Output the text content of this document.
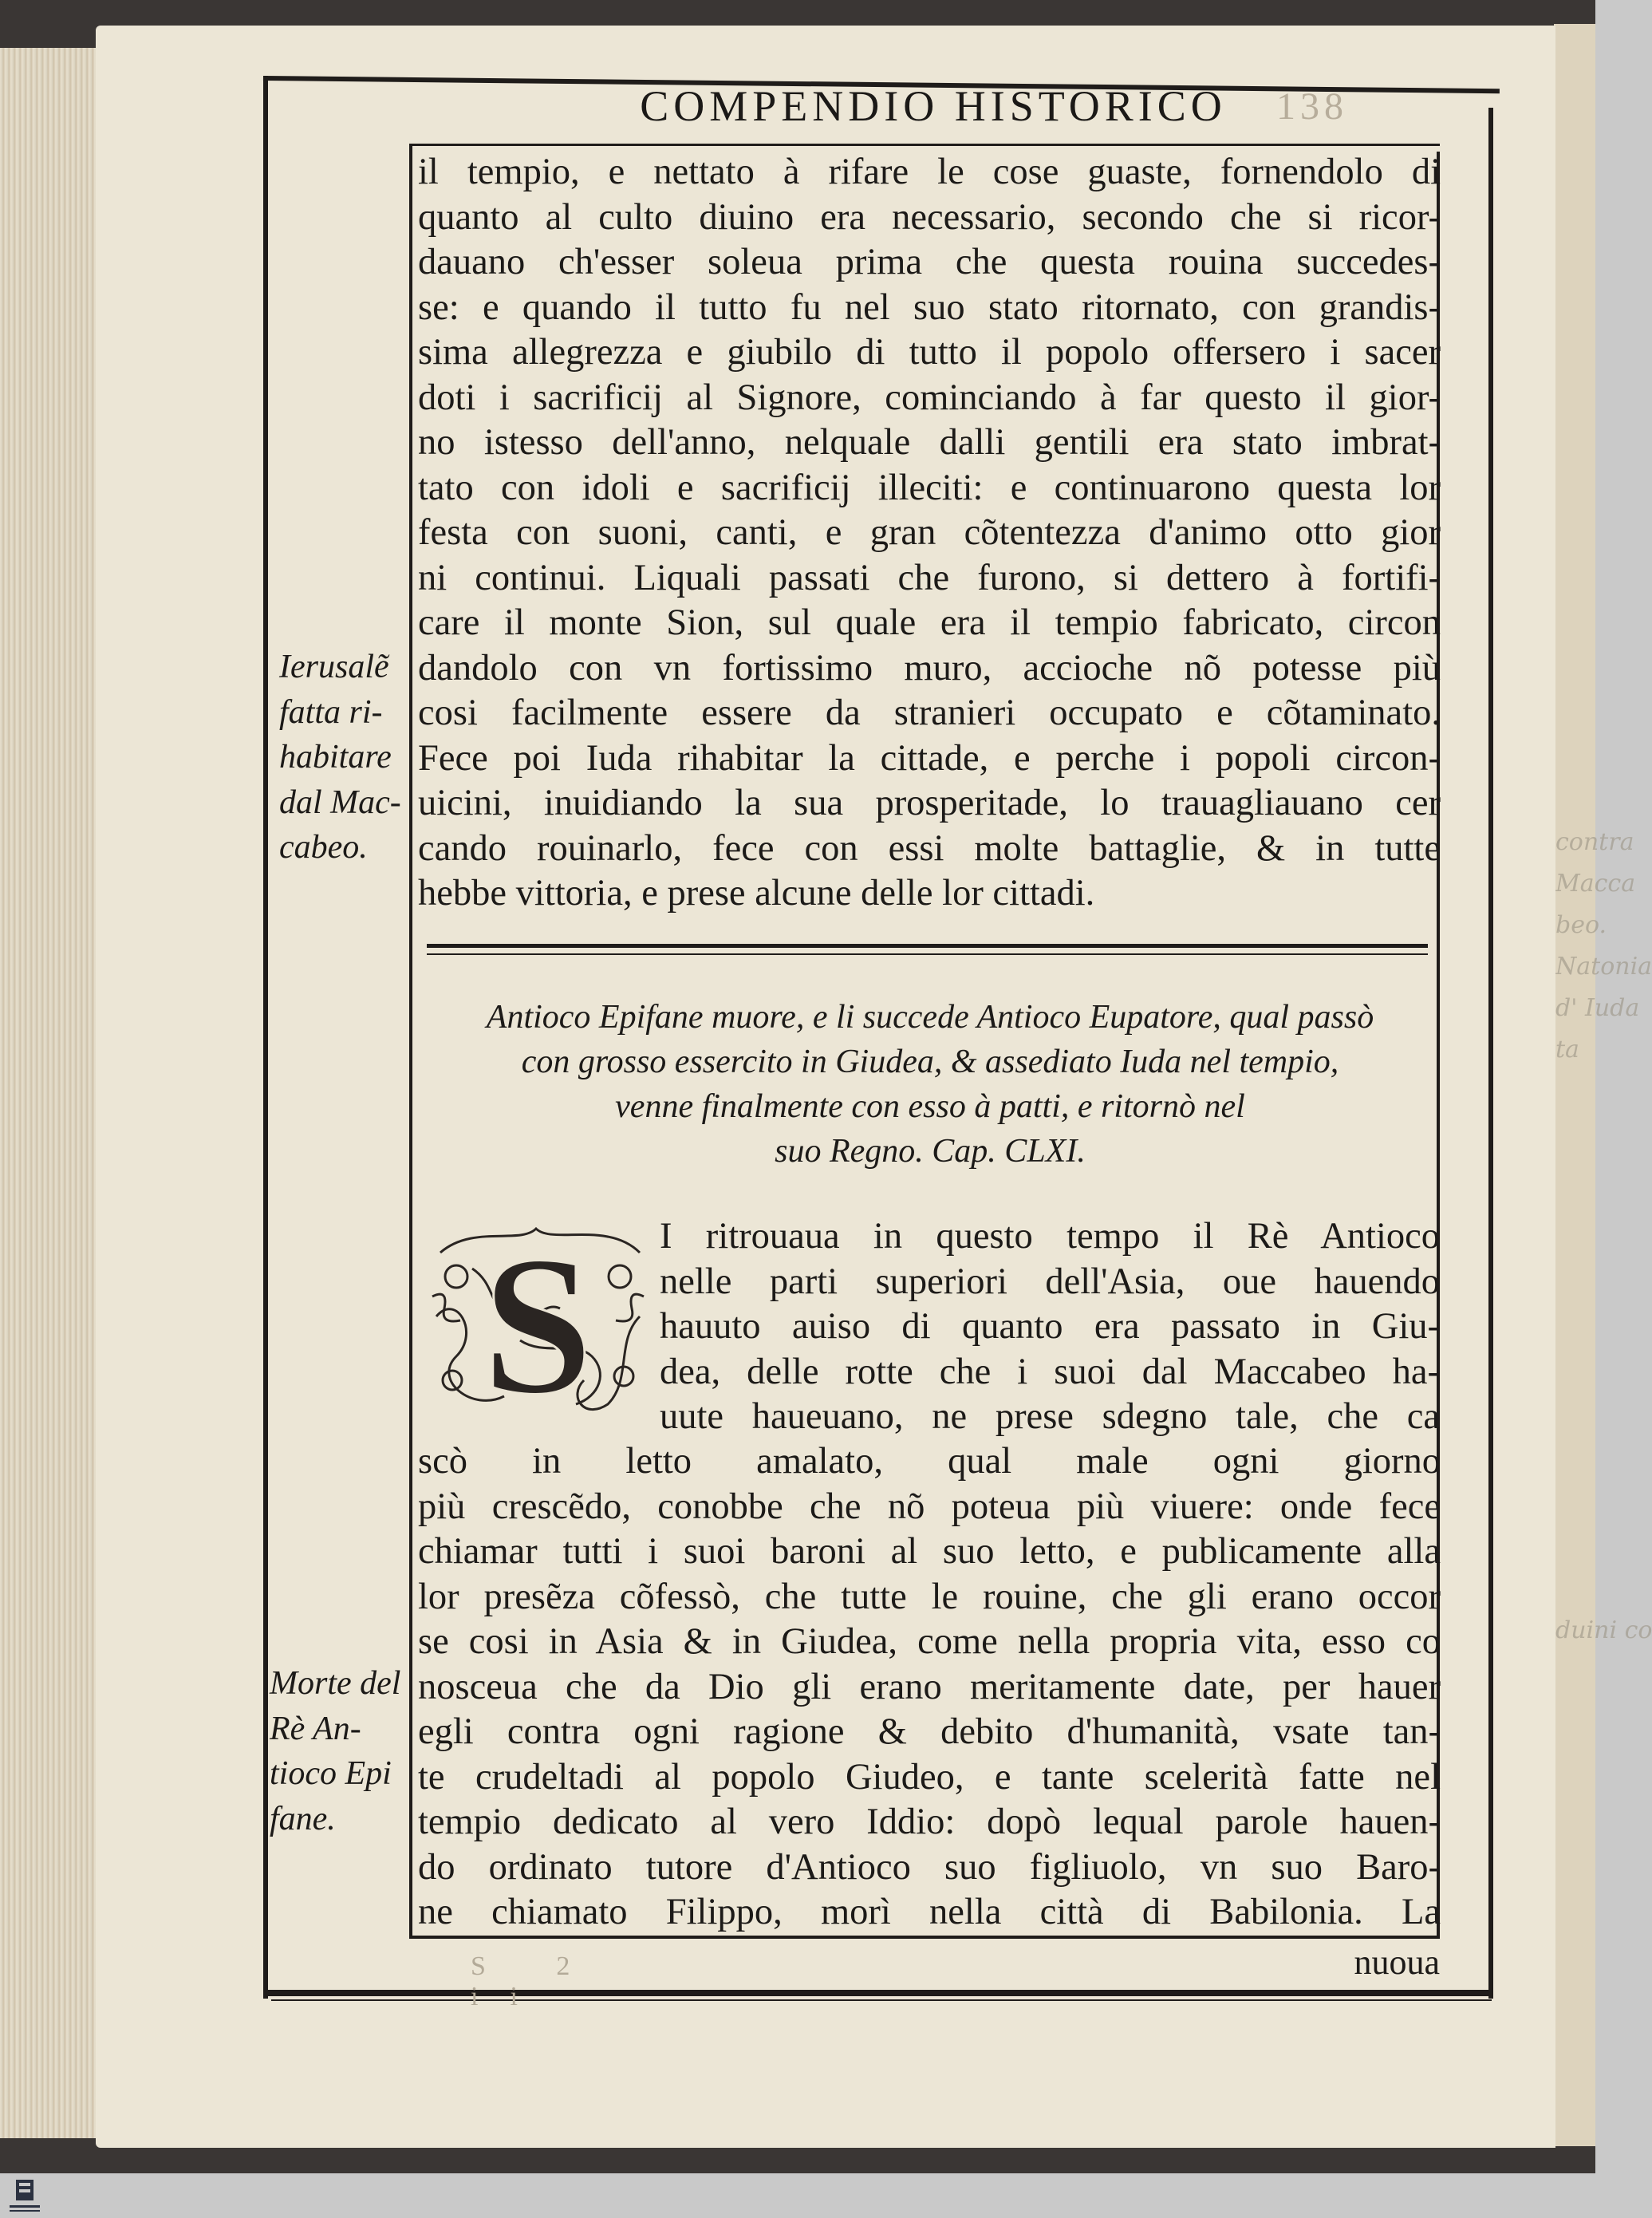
contra
Macca
beo.
Natonia
d' Iuda
ta

duini co
138
COMPENDIO HISTORICO
il tempio, e nettato à rifare le cose guaste, fornendolo di
quanto al culto diuino era necessario, secondo che si ricor-
dauano ch'esser soleua prima che questa rouina succedes-
se: e quando il tutto fu nel suo stato ritornato, con grandis-
sima allegrezza e giubilo di tutto il popolo offersero i sacer
doti i sacrificij al Signore, cominciando à far questo il gior-
no istesso dell'anno, nelquale dalli gentili era stato imbrat-
tato con idoli e sacrificij illeciti: e continuarono questa lor
festa con suoni, canti, e gran cõtentezza d'animo otto gior
ni continui. Liquali passati che furono, si dettero à fortifi-
care il monte Sion, sul quale era il tempio fabricato, circon
dandolo con vn fortissimo muro, accioche nõ potesse più
cosi facilmente essere da stranieri occupato e cõtaminato.
Fece poi Iuda rihabitar la cittade, e perche i popoli circon-
uicini, inuidiando la sua prosperitade, lo trauagliauano cer
cando rouinarlo, fece con essi molte battaglie, & in tutte
hebbe vittoria, e prese alcune delle lor cittadi.
Ierusalẽ
fatta ri-
habitare
dal Mac-
cabeo.
Antioco Epifane muore, e li succede Antioco Eupatore, qual passò
con grosso essercito in Giudea, & assediato Iuda nel tempio,
venne finalmente con esso à patti, e ritornò nel
suo Regno. Cap. CLXI.
S I ritrouaua in questo tempo il Rè Antioco
nelle parti superiori dell'Asia, oue hauendo
hauuto auiso di quanto era passato in Giu-
dea, delle rotte che i suoi dal Maccabeo ha-
uute haueuano, ne prese sdegno tale, che ca
scò in letto amalato, qual male ogni giorno
più crescẽdo, conobbe che nõ poteua più viuere: onde fece
chiamar tutti i suoi baroni al suo letto, e publicamente alla
lor presẽza cõfessò, che tutte le rouine, che gli erano occor
se cosi in Asia & in Giudea, come nella propria vita, esso co
nosceua che da Dio gli erano meritamente date, per hauer
egli contra ogni ragione & debito d'humanità, vsate tan-
te crudeltadi al popolo Giudeo, e tante scelerità fatte nel
tempio dedicato al vero Iddio: dopò lequal parole hauen-
do ordinato tutore d'Antioco suo figliuolo, vn suo Baro-
ne chiamato Filippo, morì nella città di Babilonia. La
Morte del
Rè An-
tioco Epi
fane.
S 2 ii
nuoua
